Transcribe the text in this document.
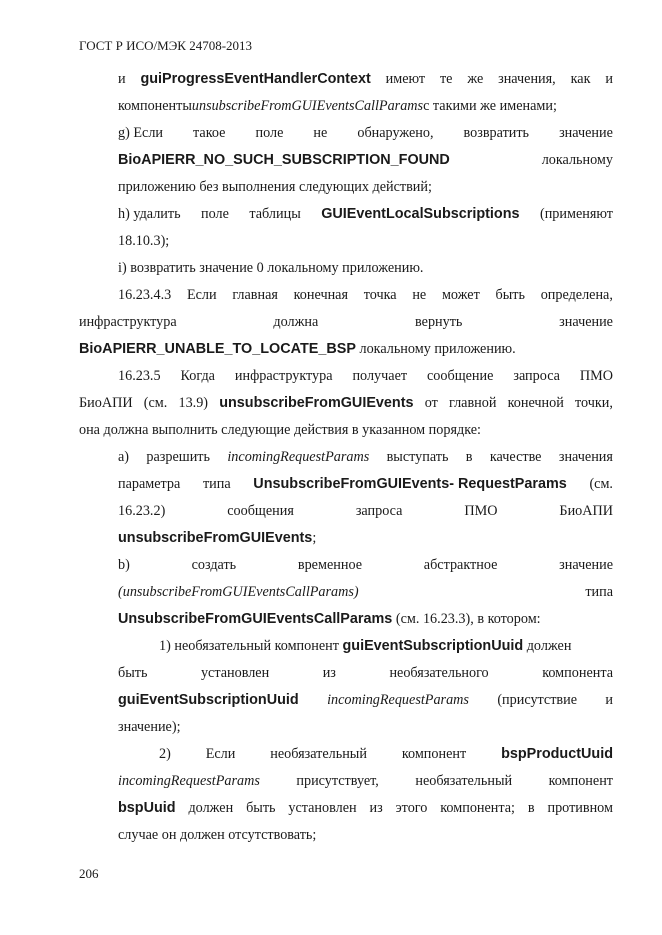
ГОСТ Р ИСО/МЭК 24708-2013
и guiProgressEventHandlerContext имеют те же значения, как и
компонентыunsubscribeFromGUIEventsCallParamsс такими же именами;
g) Если такое поле не обнаружено, возвратить значение
BioAPIERR_NO_SUCH_SUBSCRIPTION_FOUND	локальному
приложению без выполнения следующих действий;
h) удалить поле таблицы GUIEventLocalSubscriptions (применяют
18.10.3);
i) возвратить значение 0 локальному приложению.
16.23.4.3 Если главная конечная точка не может быть определена,
инфраструктура	должна	вернуть	значение
BioAPIERR_UNABLE_TO_LOCATE_BSP локальному приложению.
16.23.5 Когда инфраструктура получает сообщение запроса ПМО
БиоАПИ (см. 13.9) unsubscribeFromGUIEvents от главной конечной точки,
она должна выполнить следующие действия в указанном порядке:
a) разрешить incomingRequestParams выступать в качестве значения
параметра типа UnsubscribeFromGUIEvents- RequestParams (см.
16.23.2)	сообщения	запроса	ПМО	БиоАПИ
unsubscribeFromGUIEvents;
b)	создать	временное	абстрактное	значение
(unsubscribeFromGUIEventsCallParams)	типа
UnsubscribeFromGUIEventsCallParams (см. 16.23.3), в котором:
1) необязательный компонент guiEventSubscriptionUuid должен
быть	установлен	из	необязательного	компонента
guiEventSubscriptionUuid incomingRequestParams (присутствие и
значение);
2) Если необязательный компонент bspProductUuid
incomingRequestParams	присутствует,	необязательный	компонент
bspUuid должен быть установлен из этого компонента; в противном
случае он должен отсутствовать;
206
